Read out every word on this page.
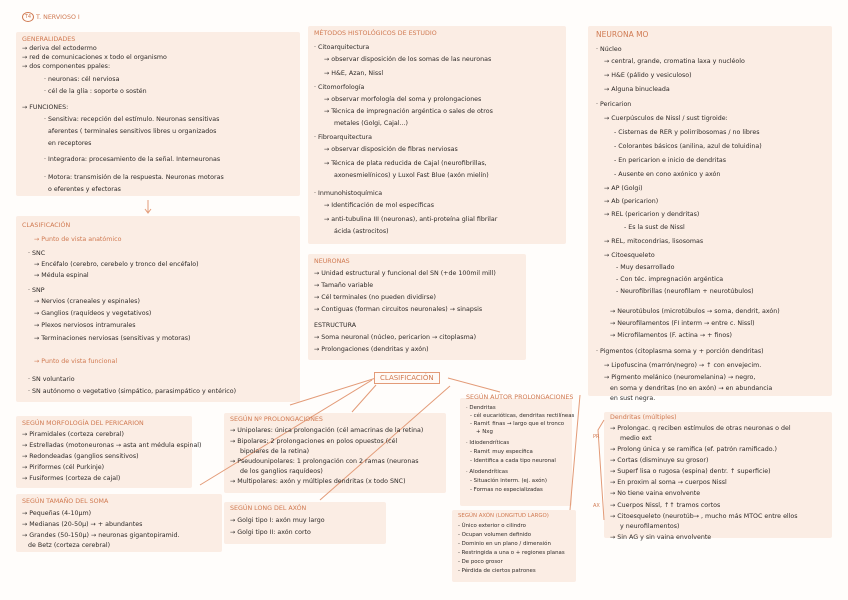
T4 T. NERVIOSO I
GENERALIDADES
→ deriva del ectodermo
→ red de comunicaciones x todo el organismo
→ dos componentes ppales:
· neuronas: cél nerviosa
· cél de la glía : soporte o sostén
→ FUNCIONES:
· Sensitiva: recepción del estímulo. Neuronas sensitivas
aferentes ( terminales sensitivos libres u organizados
en receptores
· Integradora: procesamiento de la señal. Interneuronas
· Motora: transmisión de la respuesta. Neuronas motoras
o eferentes y efectoras
CLASIFICACIÓN
→ Punto de vista anatómico
· SNC
→ Encéfalo (cerebro, cerebelo y tronco del encéfalo)
→ Médula espinal
· SNP
→ Nervios (craneales y espinales)
→ Ganglios (raquídeos y vegetativos)
→ Plexos nerviosos intramurales
→ Terminaciones nerviosas (sensitivas y motoras)
→ Punto de vista funcional
· SN voluntario
· SN autónomo o vegetativo (simpático, parasimpático y entérico)
MÉTODOS HISTOLÓGICOS DE ESTUDIO
· Citoarquitectura
→ observar disposición de los somas de las neuronas
→ H&E, Azan, Nissl
· Citomorfología
→ observar morfología del soma y prolongaciones
→ Técnica de impregnación argéntica o sales de otros
metales (Golgi, Cajal...)
· Fibroarquitectura
→ observar disposición de fibras nerviosas
→ Técnica de plata reducida de Cajal (neurofibrillas,
axonesmielínicos) y Luxol Fast Blue (axón mielín)
· Inmunohistoquímica
→ Identificación de mol específicas
→ anti-tubulina III (neuronas), anti-proteína glial fibrilar
ácida (astrocitos)
NEURONAS
→ Unidad estructural y funcional del SN (+de 100mil mill)
→ Tamaño variable
→ Cél terminales (no pueden dividirse)
→ Contiguas (forman circuitos neuronales) → sinapsis
ESTRUCTURA
→ Soma neuronal (núcleo, pericarion → citoplasma)
→ Prolongaciones (dendritas y axón)
NEURONA MO
· Núcleo
→ central, grande, cromatina laxa y nucléolo
→ H&E (pálido y vesiculoso)
→ Alguna binucleada
· Pericarion
→ Cuerpúsculos de Nissl / sust tigroide:
- Cisternas de RER y polirribosomas / no libres
- Colorantes básicos (anilina, azul de toluidina)
- En pericarion e inicio de dendritas
- Ausente en cono axónico y axón
→ AP (Golgi)
→ Ab (pericarion)
→ REL (pericarion y dendritas)
- Es la sust de Nissl
→ REL, mitocondrias, lisosomas
→ Citoesqueleto
- Muy desarrollado
- Con téc. impregnación argéntica
- Neurofibrillas (neurofilam + neurotúbulos)
→ Neurotúbulos (microtúbulos → soma, dendrit, axón)
→ Neurofilamentos (FI interm → entre c. Nissl)
→ Microfilamentos (F. actina → + finos)
· Pigmentos (citoplasma soma y + porción dendritas)
→ Lipofuscina (marrón/negro) → ↑ con envejecim.
→ Pigmento melánico (neuromelanina) → negro,
en soma y dendritas (no en axón) → en abundancia
en sust negra.
CLASIFICACIÓN
SEGÚN MORFOLOGÍA DEL PERICARION
→ Piramidales (corteza cerebral)
→ Estrelladas (motoneuronas → asta ant médula espinal)
→ Redondeadas (ganglios sensitivos)
→ Piriformes (cél Purkinje)
→ Fusiformes (corteza de cajal)
SEGÚN Nº PROLONGACIONES
→ Unipolares: única prolongación (cél amacrinas de la retina)
→ Bipolares: 2 prolongaciones en polos opuestos (cél
bipolares de la retina)
→ Pseudounipolares: 1 prolongación con 2 ramas (neuronas
de los ganglios raquídeos)
→ Multipolares: axón y múltiples dendritas (x todo SNC)
SEGÚN TAMAÑO DEL SOMA
→ Pequeñas (4-10μm)
→ Medianas (20-50μ) → + abundantes
→ Grandes (50-150μ) → neuronas gigantopiramid.
de Betz (corteza cerebral)
SEGÚN LONG DEL AXÓN
→ Golgi tipo I: axón muy largo
→ Golgi tipo II: axón corto
SEGÚN AUTOR PROLONGACIONES
· Dendritas
- cél eucarióticas, dendritas rectilíneas
- Ramif. finas → largo que el tronco
+ Nxg
· Idiodendríticas
- Ramif. muy específica
- Identifica a cada tipo neuronal
· Alodendríticas
- Situación interm. (ej. axón)
- Formas no especializadas
SEGÚN AXÓN (LONGITUD LARGO)
- Único exterior o cilindro
- Ocupan volumen definido
- Dominio en un plano / dimensión
- Restringida a una o + regiones planas
- De poco grosor
- Pérdida de ciertos patrones
PR
AX
Dendritas (múltiples)
→ Prolongac. q reciben estímulos de otras neuronas o del
medio ext
→ Prolong única y se ramifica (ef. patrón ramificado.)
→ Cortas (disminuye su grosor)
→ Superf lisa o rugosa (espina) dentr. ↑ superficie)
→ En proxim al soma → cuerpos Nissl
→ No tiene vaina envolvente
→ Cuerpos Nissl, ↑↑ tramos cortos
→ Citoesqueleto (neurotúb→ , mucho más MTOC entre ellos
y neurofilamentos)
→ Sin AG y sin vaina envolvente
